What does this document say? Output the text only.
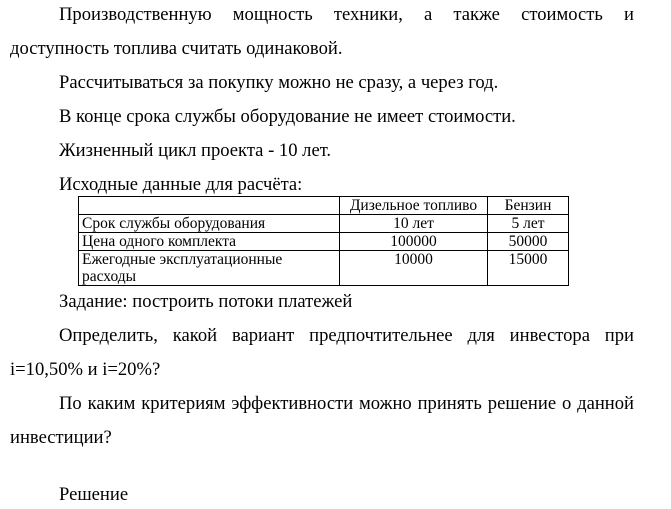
Производственную мощность техники, а также стоимость и
доступность топлива считать одинаковой.
Рассчитываться за покупку можно не сразу, а через год.
В конце срока службы оборудование не имеет стоимости.
Жизненный цикл проекта - 10 лет.
Исходные данные для расчёта:
	Дизельное топливо	Бензин
Срок службы оборудования	10 лет	5 лет
Цена одного комплекта	100000	50000
Ежегодные эксплуатационные расходы	10000	15000
Задание: построить потоки платежей
Определить, какой вариант предпочтительнее для инвестора при
i=10,50% и i=20%?
По каким критериям эффективности можно принять решение о данной
инвестиции?
Решение
